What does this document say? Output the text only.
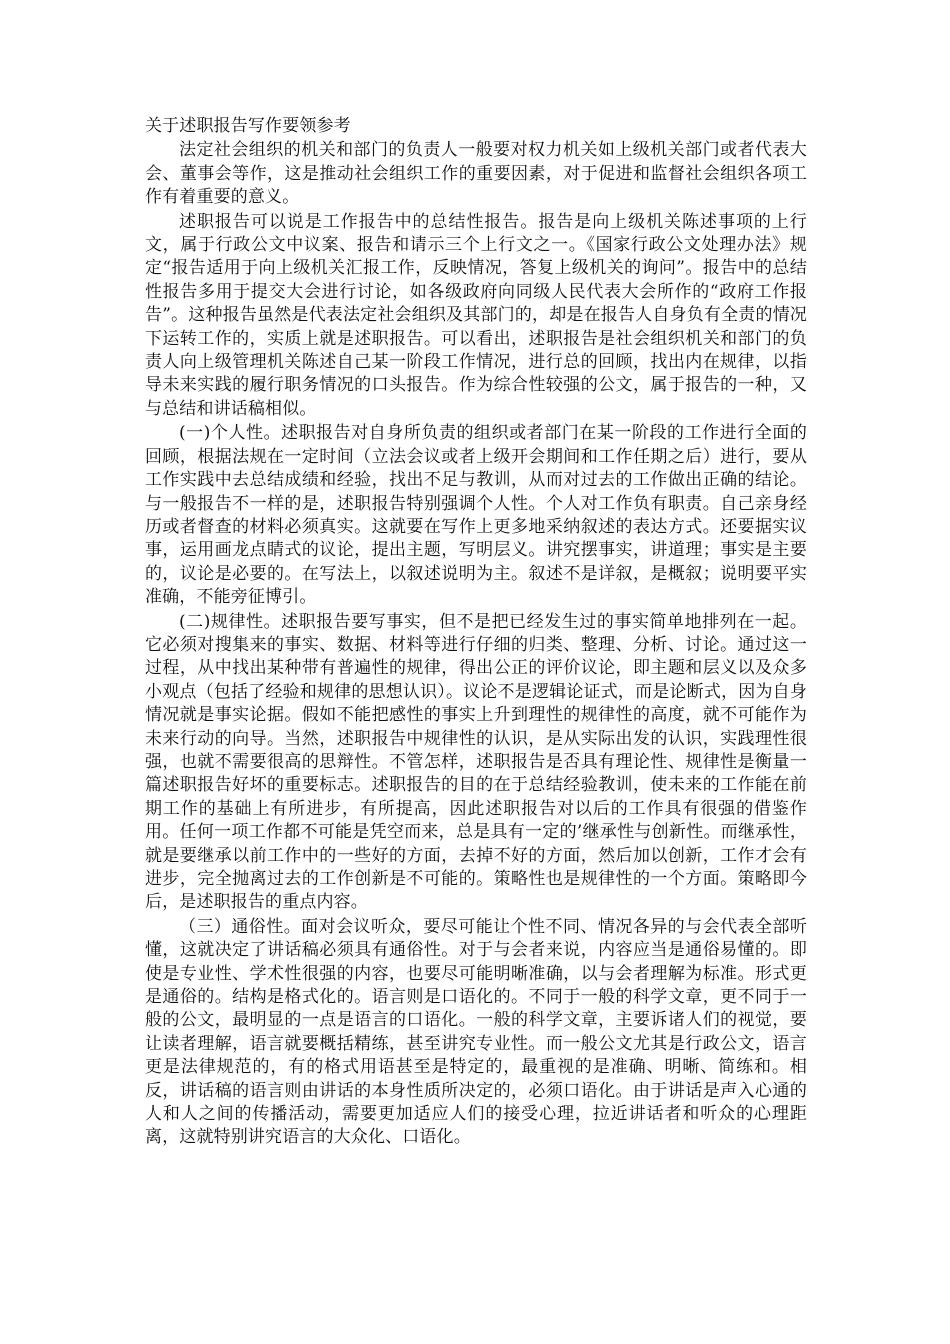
关于述职报告写作要领参考

法定社会组织的机关和部门的负责人一般要对权力机关如上级机关部门或者代表大会、董事会等作，这是推动社会组织工作的重要因素，对于促进和监督社会组织各项工作有着重要的意义。

述职报告可以说是工作报告中的总结性报告。报告是向上级机关陈述事项的上行文，属于行政公文中议案、报告和请示三个上行文之一。《国家行政公文处理办法》规定“报告适用于向上级机关汇报工作，反映情况，答复上级机关的询问”。报告中的总结性报告多用于提交大会进行讨论，如各级政府向同级人民代表大会所作的“政府工作报告”。这种报告虽然是代表法定社会组织及其部门的，却是在报告人自身负有全责的情况下运转工作的，实质上就是述职报告。可以看出，述职报告是社会组织机关和部门的负责人向上级管理机关陈述自己某一阶段工作情况，进行总的回顾，找出内在规律，以指导未来实践的履行职务情况的口头报告。作为综合性较强的公文，属于报告的一种，又与总结和讲话稿相似。

(一)个人性。述职报告对自身所负责的组织或者部门在某一阶段的工作进行全面的回顾，根据法规在一定时间（立法会议或者上级开会期间和工作任期之后）进行，要从工作实践中去总结成绩和经验，找出不足与教训，从而对过去的工作做出正确的结论。与一般报告不一样的是，述职报告特别强调个人性。个人对工作负有职责。自己亲身经历或者督查的材料必须真实。这就要在写作上更多地采纳叙述的表达方式。还要据实议事，运用画龙点睛式的议论，提出主题，写明层义。讲究摆事实，讲道理；事实是主要的，议论是必要的。在写法上，以叙述说明为主。叙述不是详叙，是概叙；说明要平实准确，不能旁征博引。

(二)规律性。述职报告要写事实，但不是把已经发生过的事实简单地排列在一起。它必须对搜集来的事实、数据、材料等进行仔细的归类、整理、分析、讨论。通过这一过程，从中找出某种带有普遍性的规律，得出公正的评价议论，即主题和层义以及众多小观点（包括了经验和规律的思想认识）。议论不是逻辑论证式，而是论断式，因为自身情况就是事实论据。假如不能把感性的事实上升到理性的规律性的高度，就不可能作为未来行动的向导。当然，述职报告中规律性的认识，是从实际出发的认识，实践理性很强，也就不需要很高的思辩性。不管怎样，述职报告是否具有理论性、规律性是衡量一篇述职报告好坏的重要标志。述职报告的目的在于总结经验教训，使未来的工作能在前期工作的基础上有所进步，有所提高，因此述职报告对以后的工作具有很强的借鉴作用。任何一项工作都不可能是凭空而来，总是具有一定的’继承性与创新性。而继承性，就是要继承以前工作中的一些好的方面，去掉不好的方面，然后加以创新，工作才会有进步，完全抛离过去的工作创新是不可能的。策略性也是规律性的一个方面。策略即今后，是述职报告的重点内容。

（三）通俗性。面对会议听众，要尽可能让个性不同、情况各异的与会代表全部听懂，这就决定了讲话稿必须具有通俗性。对于与会者来说，内容应当是通俗易懂的。即使是专业性、学术性很强的内容，也要尽可能明晰准确，以与会者理解为标准。形式更是通俗的。结构是格式化的。语言则是口语化的。不同于一般的科学文章，更不同于一般的公文，最明显的一点是语言的口语化。一般的科学文章，主要诉诸人们的视觉，要让读者理解，语言就要概括精练，甚至讲究专业性。而一般公文尤其是行政公文，语言更是法律规范的，有的格式用语甚至是特定的，最重视的是准确、明晰、简练和。相反，讲话稿的语言则由讲话的本身性质所决定的，必须口语化。由于讲话是声入心通的人和人之间的传播活动，需要更加适应人们的接受心理，拉近讲话者和听众的心理距离，这就特别讲究语言的大众化、口语化。
